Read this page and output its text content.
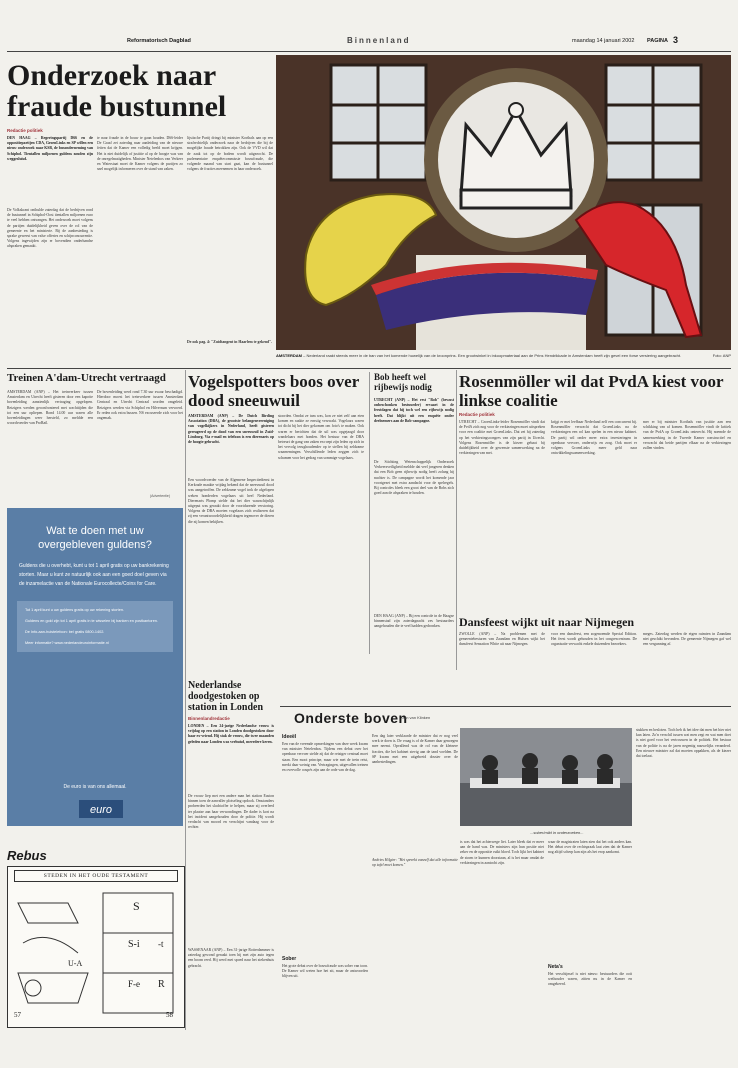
Reformatorisch Dagblad	Binnenland	maandag 14 januari 2002 PAGINA 3
Onderzoek naar fraude bustunnel
Redactie politiek
DEN HAAG – Regeringspartij D66 en de oppositiepartijen CDA, GroenLinks en SP willen een nieuw onderzoek naar KSB, de busonderneming van Schiphol. Tientallen miljoenen guldens zouden zijn weggesluisd.
De Volkskrant onthulde zaterdag dat de bedrijven rond de bustunnel in Schiphol-Oost tientallen miljoenen euro te veel hebben ontvangen. Het onderzoek moet volgens de partijen duidelijkheid geven over de rol van de gemeente en het ministerie. Bij de aanbesteding is sprake geweest van valse offertes en schijnconcurrentie. Volgens ingewijden zijn er bovendien onderhandse afspraken gemaakt.
te naar fraude in de bouw te gaan houden. D66-leider De Graaf zei zaterdag naar aanleiding van de nieuwe feiten dat de Kamer een volledig beeld moet krijgen. Het is niet duidelijk of justitie al op de hoogte was van de onregelmatigheden. Minister Netelenbos van Verkeer en Waterstaat moet de Kamer volgens de partijen zo snel mogelijk informeren over de stand van zaken.
lijstische Partij dringt bij minister Korthals aan op een strafrechtelijk onderzoek naar de bedrijven die bij de mogelijke fraude betrokken zijn. Ook de VVD wil dat de zaak tot op de bodem wordt uitgezocht. De parlementaire enquêtecommissie bouwfraude, die volgende maand van start gaat, kan de bustunnel volgens de fracties meenemen in haar onderzoek.
De ook pag. 4: "Zuidtangent in Haarlem te gekend".
AMSTERDAM – Nederland raakt steeds meer in de ban van het komende huwelijk van de kroonprins. Een grootwinkel in inkoopmateriaal aan de Prins Hendrikkade in Amsterdam heeft zijn gevel een forse versiering aangebracht.	Foto: ANP
Treinen A'dam-Utrecht vertraagd
AMSTERDAM (ANP) – Het treinverkeer tussen Amsterdam en Utrecht heeft gisteren door een kapotte bovenleiding aanzienlijk vertraging opgelopen. Reizigers werden geconfronteerd met wachttijden die tot een uur opliepen. Rond 14.00 uur waren alle bovenleidingen weer hersteld, zo meldde een woordvoerder van ProRail.
De bovenleiding werd rond 7.30 uur zwaar beschadigd. Hierdoor moest het treinverkeer tussen Amsterdam Centraal en Utrecht Centraal worden omgeleid. Reizigers werden via Schiphol en Hilversum vervoerd. Er reden ook extra bussen. NS excuseerde zich voor het ongemak.
(Advertentie)
Wat te doen met uw overgebleven guldens?
Guldens die u overhebt, kunt u tot 1 april gratis op uw bankrekening storten. Maar u kunt ze natuurlijk ook aan een goed doel geven via de inzamelactie van de Nationale Eurocollecte/Coins for Care.
Tot 1 april kunt u uw guldens gratis op uw rekening storten.
Guldens en gold zijn tot 1 april gratis in te wisselen bij banken en postkantoren.
De Info-aan-huistelefoon: bel gratis 0800-1402.
Meer informatie? www.nederlandeuroinformatie.nl
De euro is van ons allemaal.
euro
Rebus
STEDEN IN HET OUDE TESTAMENT
S
S-i -t
F-e R
U-A
57	58
Vogelspotters boos over dood sneeuwuil
AMSTERDAM (ANP) – De Dutch Birding Association (DBA), de grootste belangenvereniging van vogelkijkers in Nederland, heeft gisteren gereageerd op de dood van een sneeuwuil in Zuid-Limburg. Via e-mail en telefoon is een dierenarts op de hoogte gebracht.
Een woordvoerder van de Algemene Inspectiedienst in Kerkrade maakte vrijdag bekend dat de sneeuwuil dood was aangetroffen. De zeldzame vogel trok de afgelopen weken honderden vogelaars uit heel Nederland. Dierenarts Plomp stelde dat het dier waarschijnlijk uitgeput was geraakt door de voortdurende verstoring. Volgens de DBA moeten vogelaars zich realiseren dat zij een verantwoordelijkheid dragen tegenover de dieren die zij komen bekijken.
stoorden. Omdat ze tam was, kon ze niet zelf aan eten komen en raakte ze ernstig verzwakt. Vogelaars waren tot dicht bij het dier gekomen om foto's te maken. Ook waren er berichten dat de uil was opgejaagd door wandelaars met honden. Het bestuur van de DBA betreurt de gang van zaken en roept zijn leden op zich in het vervolg terughoudender op te stellen bij zeldzame waarnemingen. Verschillende leden zeggen zich te schamen voor het gedrag van sommige vogelaars.
Bob heeft wel rijbewijs nodig
UTRECHT (ANP) – Het rest "Bob" (bewust onbeschonken bestuurder) ervaart in de feestdagen dat hij toch wel een rijbewijs nodig heeft. Dat blijkt uit een enquête onder deelnemers aan de Bob-campagne.
De Stichting Wetenschappelijk Onderzoek Verkeersveiligheid meldde dat veel jongeren denken dat een Bob geen rijbewijs nodig heeft zolang hij nuchter is. De campagne wordt het komende jaar voortgezet met extra aandacht voor de spelregels. Bij controles bleek een groot deel van de Bobs zich goed aan de afspraken te houden.
DEN HAAG (ANP) – Bij een controle in de Haagse binnenstad zijn zaterdagnacht zes bestuurders aangehouden die te veel hadden gedronken.
Rosenmöller wil dat PvdA kiest voor linkse coalitie
Redactie politiek
UTRECHT – GroenLinks-leider Rosenmöller vindt dat de PvdA zich nog voor de verkiezingen moet uitspreken voor een coalitie met GroenLinks. Dat zei hij zaterdag op het verkiezingscongres van zijn partij in Utrecht. Volgens Rosenmöller is de kiezer gebaat bij duidelijkheid over de gewenste samenwerking na de verkiezingen van mei.
krijgt er met leefbaar Nederland zelf een concurrent bij. Rosenmöller verwacht dat GroenLinks na de verkiezingen een rol kan spelen in een nieuw kabinet. De partij wil onder meer extra investeringen in openbaar vervoer, onderwijs en zorg. Ook moet er volgens GroenLinks meer geld naar ontwikkelingssamenwerking.
mer er bij minister Korthals van justitie aan een schikking van af komen. Rosenmöller vindt de kritiek van de PvdA op GroenLinks onterecht. Hij noemde de samenwerking in de Tweede Kamer constructief en verwacht dat beide partijen elkaar na de verkiezingen zullen vinden.
Dansfeest wijkt uit naar Nijmegen
ZWOLLE (ANP) – Na problemen met de gemeentebesturen van Zaandam en Hulsen wijkt het dansfeest Sensation White uit naar Nijmegen.
voor een dansfeest, een zogenoemde Special Edition. Het feest wordt gehouden in het congrescentrum. De organisatie verwacht enkele duizenden bezoekers.
meges. Zaterdag werden de eigen ruimten in Zaandam niet geschikt bevonden. De gemeente Nijmegen gaf wel een vergunning af.
Nederlandse doodgestoken op station in Londen
Binnenlandredactie
LONDEN – Een 24-jarige Nederlandse vrouw is vrijdag op een station in Londen doodgestoken door haar ex-vriend. Hij stak de vrouw, die twee maanden geleden naar Londen was verhuisd, meerdere keren.
De vrouw liep met een andere man het station Euston binnen toen de aanvaller plotseling opdook. Omstanders probeerden het slachtoffer te helpen, maar zij overleed ter plaatse aan haar verwondingen. De dader is kort na het incident aangehouden door de politie. Hij wordt verdacht van moord en verschijnt vandaag voor de rechter.
WASSENAAR (ANP) – Een 31-jarige Rotterdammer is zaterdag gewond geraakt toen hij met zijn auto tegen een boom reed. Hij werd met spoed naar het ziekenhuis gebracht.
Onderste boven
Jan van Klinken
Ideeël
Een van de vreemde opmerkingen van deze week kwam van minister Netelenbos. Tijdens een debat over het openbaar vervoer stelde zij dat de reiziger centraal moet staan. Een mooi principe, maar wie met de trein reist, merkt daar weinig van. Vertragingen, uitgevallen treinen en overvolle coupés zijn aan de orde van de dag.
Sober
Het grote debat over de bouwfraude was sober van toon. De Kamer wil weten hoe het zit, maar de antwoorden blijven uit.
Een dag later verklaarde de minister dat er nog veel werk te doen is. De vraag is of de Kamer daar genoegen mee neemt. Opvallend was de rol van de kleinere fracties, die het kabinet stevig aan de tand voelden. De SP kwam met een uitgebreid dossier over de aanbestedingen.
Andries Hilgier: "Het spreekt vanzelf dat alle informatie op tafel moet komen."
...sober/mild in onderzoeken...
is was dat het achterwege liet. Later bleek dat er meer aan de hand was. De ministers zijn hun positie niet zeker en de oppositie ruikt bloed. Toch lijkt het kabinet de storm te kunnen doorstaan, al is het maar omdat de verkiezingen in aantocht zijn.
waar de magistraten laten zien dat het ook anders kan. Het debat over de rechtspraak laat zien dat de Kamer nog altijd scherp kan zijn als het erop aankomt.
Neta's
Het verschijnsel is niet nieuw: bestuurders die ooit wethouder waren, zitten nu in de Kamer en omgekeerd.
stukken en besloten. Toch heb ik het idee dat men het hier niet kan laten. Zo'n verschil tussen wat men zegt en wat men doet is niet goed voor het vertrouwen in de politiek. Het bestuur van de politie is na de jaren negentig nauwelijks veranderd. Een nieuwe minister zal dat moeten oppakken, als de kiezer dat toelaat.
